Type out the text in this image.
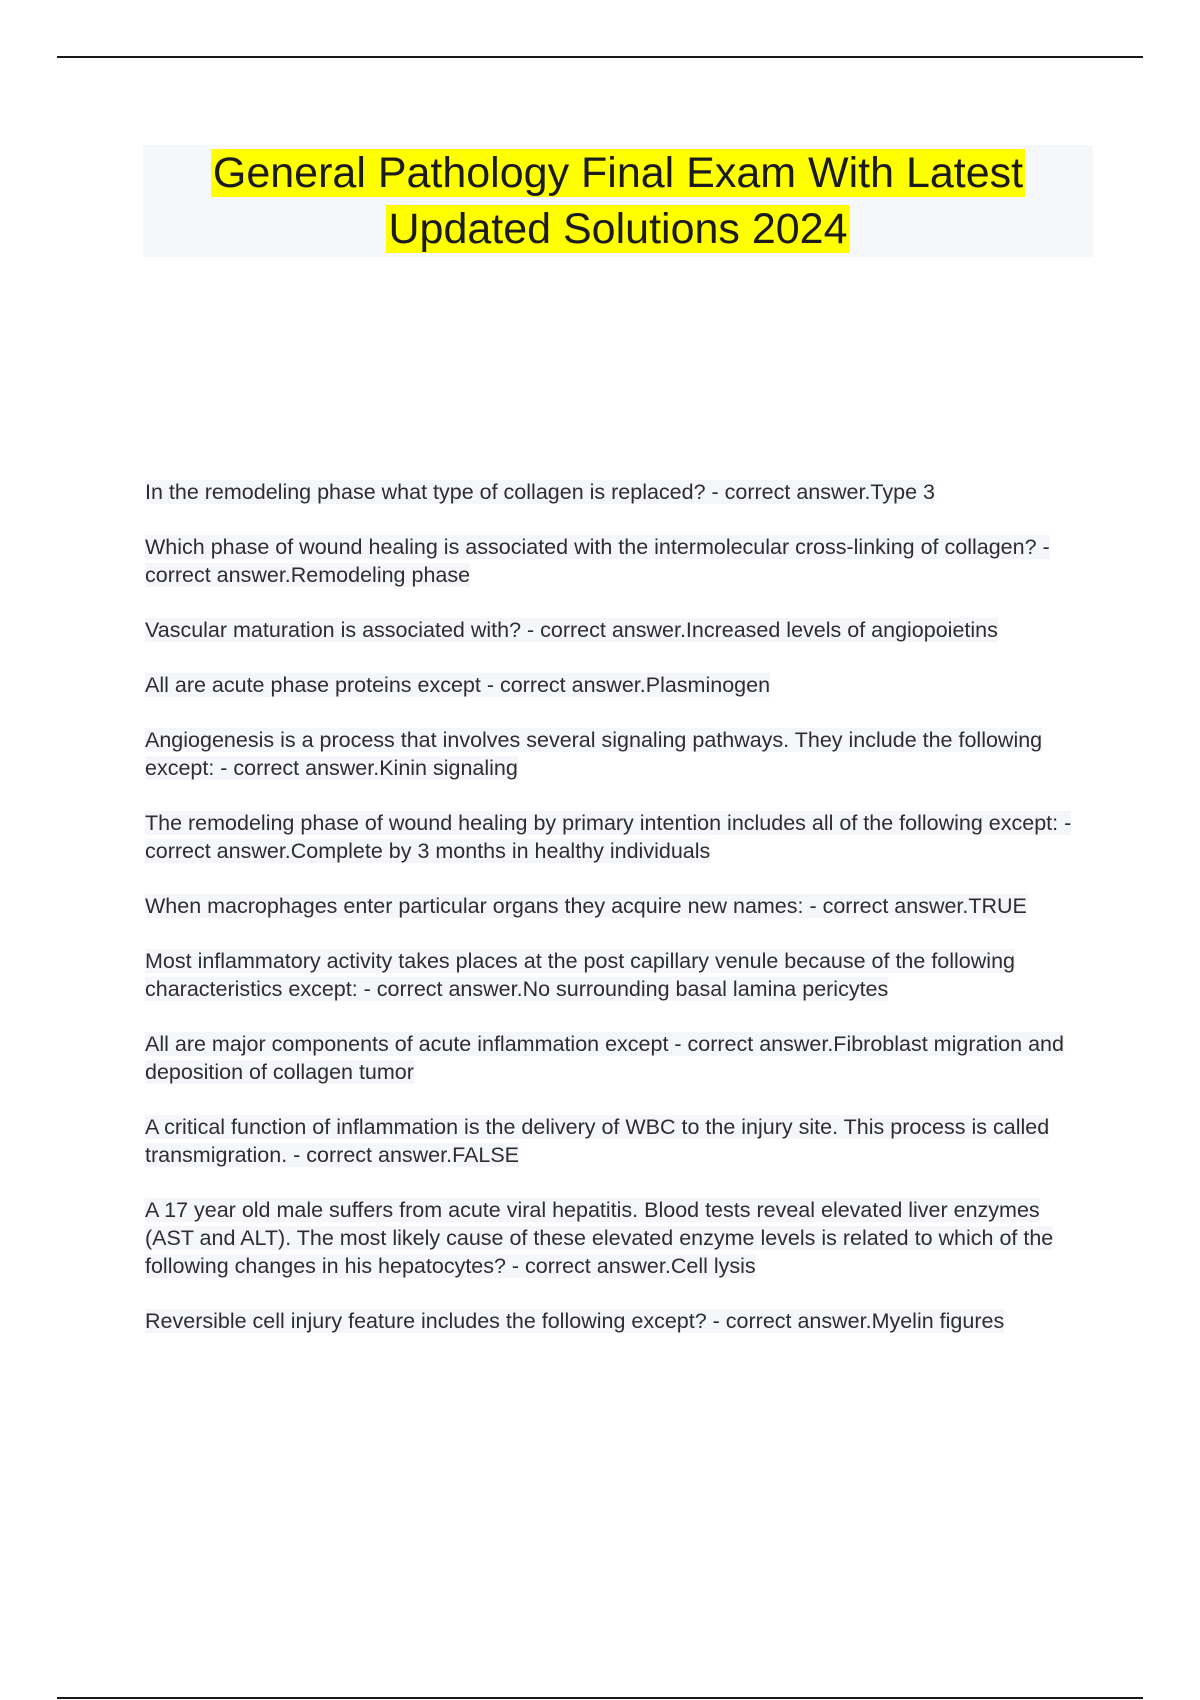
General Pathology Final Exam With Latest
Updated Solutions 2024
In the remodeling phase what type of collagen is replaced? - correct answer.Type 3
Which phase of wound healing is associated with the intermolecular cross-linking of collagen? - correct answer.Remodeling phase
Vascular maturation is associated with? - correct answer.Increased levels of angiopoietins
All are acute phase proteins except - correct answer.Plasminogen
Angiogenesis is a process that involves several signaling pathways. They include the following except: - correct answer.Kinin signaling
The remodeling phase of wound healing by primary intention includes all of the following except: - correct answer.Complete by 3 months in healthy individuals
When macrophages enter particular organs they acquire new names: - correct answer.TRUE
Most inflammatory activity takes places at the post capillary venule because of the following characteristics except: - correct answer.No surrounding basal lamina pericytes
All are major components of acute inflammation except - correct answer.Fibroblast migration and deposition of collagen tumor
A critical function of inflammation is the delivery of WBC to the injury site. This process is called transmigration. - correct answer.FALSE
A 17 year old male suffers from acute viral hepatitis. Blood tests reveal elevated liver enzymes (AST and ALT). The most likely cause of these elevated enzyme levels is related to which of the following changes in his hepatocytes? - correct answer.Cell lysis
Reversible cell injury feature includes the following except? - correct answer.Myelin figures
